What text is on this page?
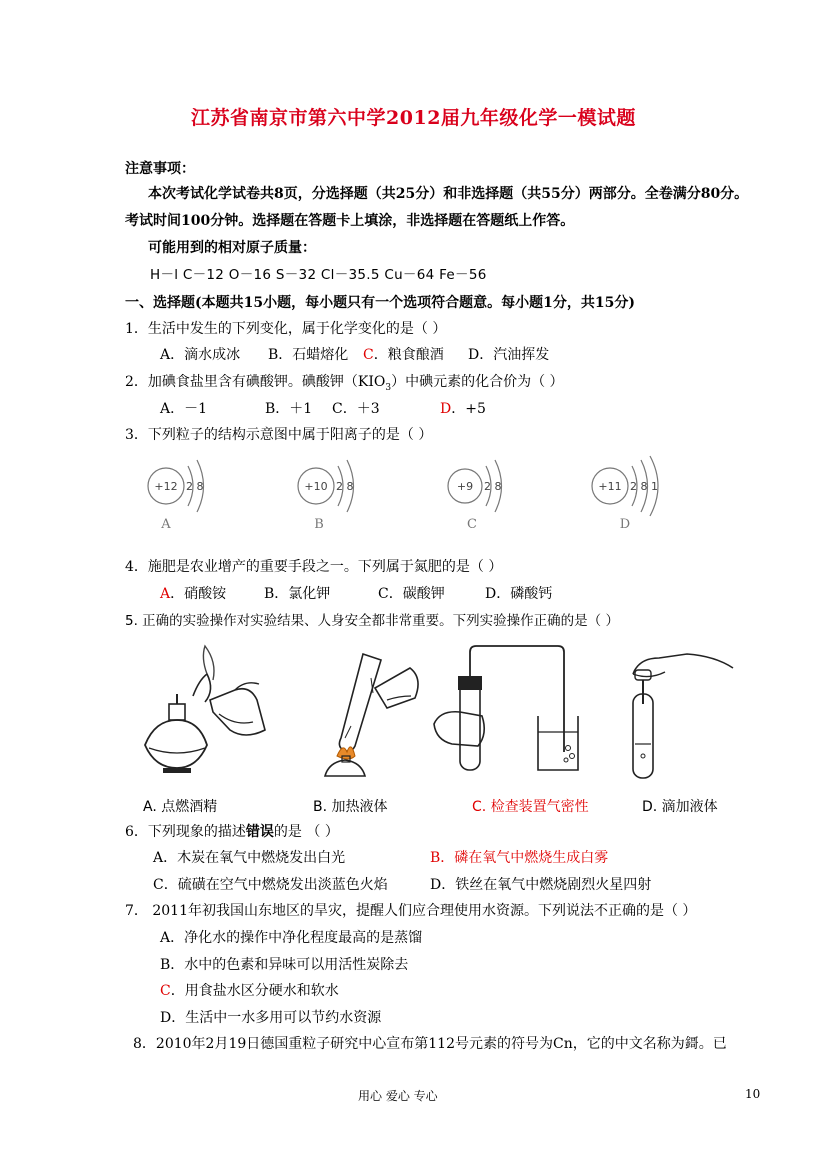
江苏省南京市第六中学2012届九年级化学一模试题
注意事项：
本次考试化学试卷共8页，分选择题（共25分）和非选择题（共55分）两部分。全卷满分80分。
考试时间100分钟。选择题在答题卡上填涂，非选择题在答题纸上作答。
可能用到的相对原子质量：
H－l C－12 O－16 S－32 Cl－35.5 Cu－64 Fe－56
一、选择题(本题共15小题，每小题只有一个选项符合题意。每小题1分，共15分)
1．生活中发生的下列变化，属于化学变化的是（ ）
A．滴水成冰 B．石蜡熔化 C．粮食酿酒 D．汽油挥发
2．加碘食盐里含有碘酸钾。碘酸钾$(KIO_3)$中碘元素的化合价为（ ）
A．－1	B．＋1 C．＋3	D．+5
3．下列粒子的结构示意图中属于阳离子的是（ ）
+12 2 8
A
+10 2 8
B
+9 2 8
C
+11 2 8 1
D
4．施肥是农业增产的重要手段之一。下列属于氮肥的是（ ）
A．硝酸铵	B．氯化钾	C．碳酸钾	D．磷酸钙
5. 正确的实验操作对实验结果、人身安全都非常重要。下列实验操作正确的是（ ）
A. 点燃酒精	B. 加热液体	C. 检查装置气密性	D. 滴加液体
6．下列现象的描述错误的是 （ ）
A．木炭在氧气中燃烧发出白光	B．磷在氧气中燃烧生成白雾
C．硫磺在空气中燃烧发出淡蓝色火焰	D．铁丝在氧气中燃烧剧烈火星四射
7． 2011年初我国山东地区的旱灾，提醒人们应合理使用水资源。下列说法不正确的是（ ）
A．净化水的操作中净化程度最高的是蒸馏
B．水中的色素和异味可以用活性炭除去
C．用食盐水区分硬水和软水
D．生活中一水多用可以节约水资源
8．2010年2月19日德国重粒子研究中心宣布第112号元素的符号为Cn，它的中文名称为鎶。已
用心 爱心 专心	10
